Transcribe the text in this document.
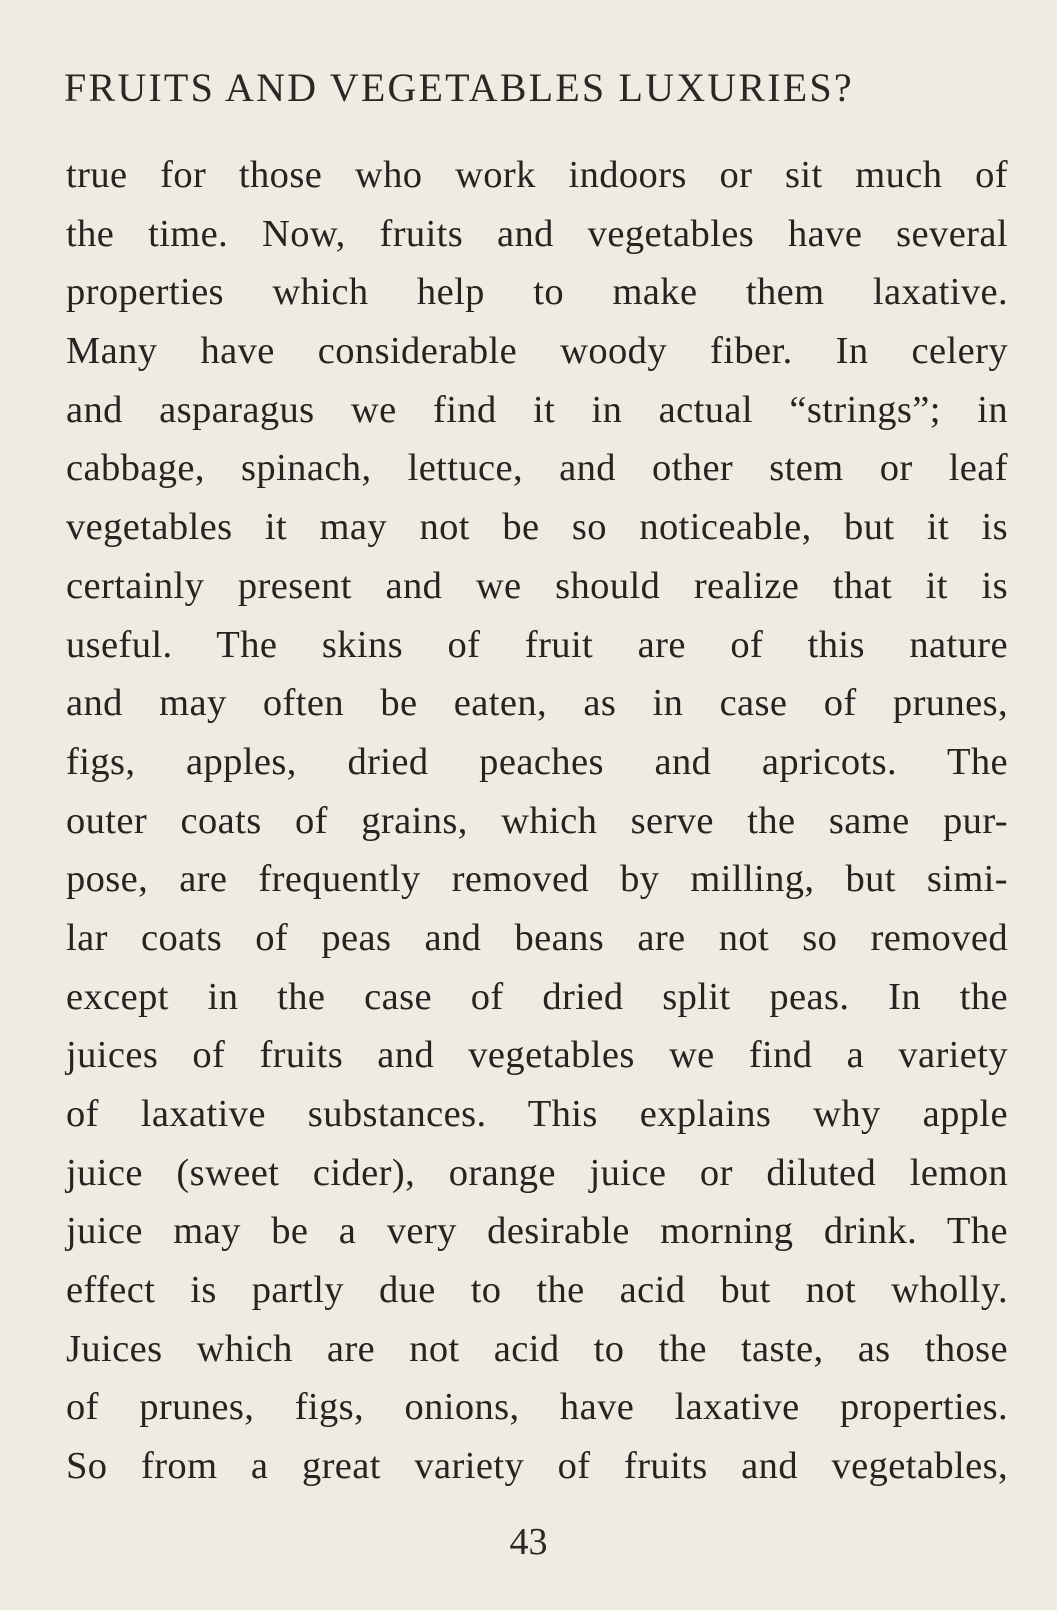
FRUITS AND VEGETABLES LUXURIES?
true for those who work indoors or sit much of
the time. Now, fruits and vegetables have several
properties which help to make them laxative.
Many have considerable woody fiber. In celery
and asparagus we find it in actual “strings”; in
cabbage, spinach, lettuce, and other stem or leaf
vegetables it may not be so noticeable, but it is
certainly present and we should realize that it is
useful. The skins of fruit are of this nature
and may often be eaten, as in case of prunes,
figs, apples, dried peaches and apricots. The
outer coats of grains, which serve the same pur-
pose, are frequently removed by milling, but simi-
lar coats of peas and beans are not so removed
except in the case of dried split peas. In the
juices of fruits and vegetables we find a variety
of laxative substances. This explains why apple
juice (sweet cider), orange juice or diluted lemon
juice may be a very desirable morning drink. The
effect is partly due to the acid but not wholly.
Juices which are not acid to the taste, as those
of prunes, figs, onions, have laxative properties.
So from a great variety of fruits and vegetables,
43
